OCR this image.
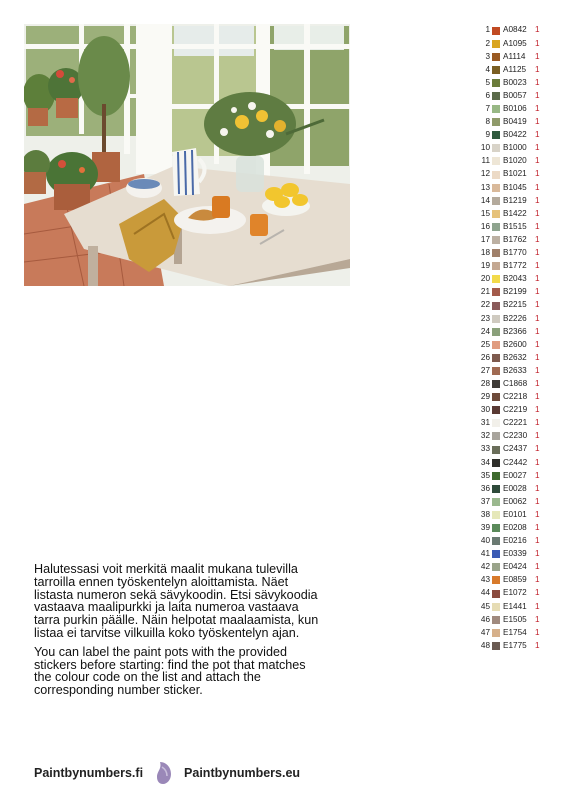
1 A0842	1
2 A1095	1
3 A1114	1
4 A1125	1
5 B0023	1
6 B0057	1
7 B0106	1
8 B0419	1
9 B0422	1
10 B1000	1
11 B1020	1
12 B1021	1
13 B1045	1
14 B1219	1
15 B1422	1
16 B1515	1
17 B1762	1
18 B1770	1
19 B1772	1
20 B2043	1
21 B2199	1
22 B2215	1
23 B2226	1
24 B2366	1
25 B2600	1
26 B2632	1
27 B2633	1
28 C1868 1
29 C2218 1
30 C2219 1
31 C2221 1
32 C2230 1
33 C2437 1
34 C2442 1
35 E0027	1
36 E0028	1
37 E0062	1
38 E0101	1
39 E0208	1
40 E0216	1
41 E0339	1
42 E0424	1
43 E0859	1
44 E1072	1
45 E1441	1
46 E1505	1
47 E1754	1
48 E1775	1

Halutessasi voit merkitä maalit mukana tulevilla tarroilla ennen työskentelyn aloittamista. Näet listasta numeron sekä sävykoodin. Etsi sävykoodia vastaava maalipurkki ja laita numeroa vastaava tarra purkin päälle. Näin helpotat maalaamista, kun listaa ei tarvitse vilkuilla koko työskentelyn ajan.

You can label the paint pots with the provided stickers before starting: find the pot that matches the colour code on the list and attach the corresponding number sticker.

Paintbynumbers.fi	Paintbynumbers.eu
